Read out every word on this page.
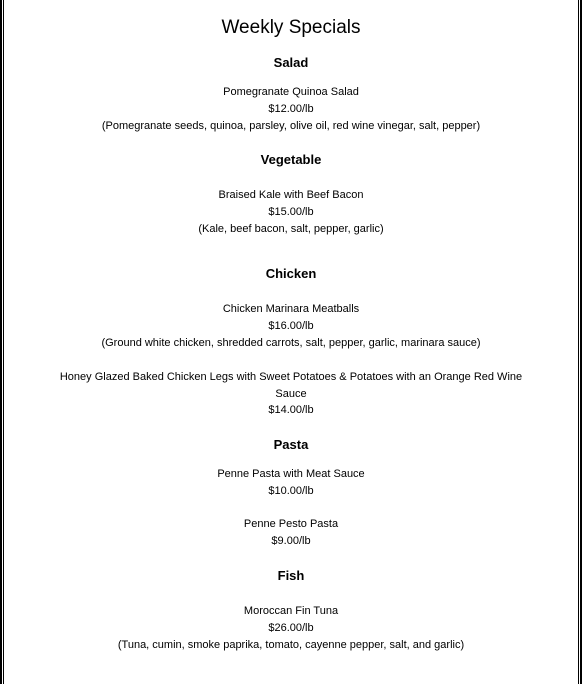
Weekly Specials
Salad
Pomegranate Quinoa Salad
$12.00/lb
(Pomegranate seeds, quinoa, parsley, olive oil, red wine vinegar, salt, pepper)
Vegetable
Braised Kale with Beef Bacon
$15.00/lb
(Kale, beef bacon, salt, pepper, garlic)
Chicken
Chicken Marinara Meatballs
$16.00/lb
(Ground white chicken, shredded carrots, salt, pepper, garlic, marinara sauce)
Honey Glazed Baked Chicken Legs with Sweet Potatoes & Potatoes with an Orange Red Wine
Sauce
$14.00/lb
Pasta
Penne Pasta with Meat Sauce
$10.00/lb
Penne Pesto Pasta
$9.00/lb
Fish
Moroccan Fin Tuna
$26.00/lb
(Tuna, cumin, smoke paprika, tomato, cayenne pepper, salt, and garlic)
